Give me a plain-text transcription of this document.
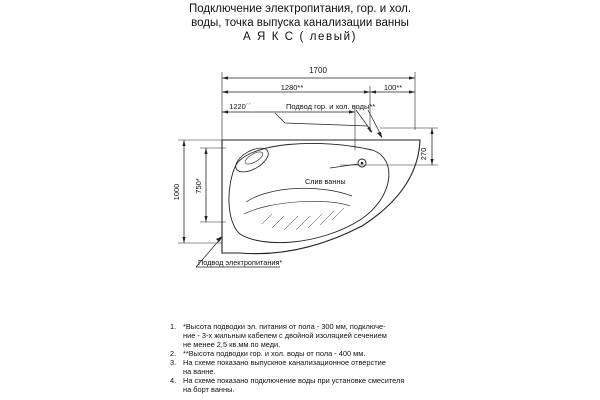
Подключение электропитания, гор. и хол.
воды, точка выпуска канализации ванны
А Я К С ( левый)
1700
1280**	100**
1220´´	Подвод гор. и хол. воды**
270
1000 750*	Слив ванны
Подвод электропитания*
1. *Высота подводки эл. питания от пола - 300 мм, подключе-
ние - 3-х жильным кабелем с двойной изоляцией сечением
не менее 2,5 кв.мм по меди.
2. **Высота подводки гор. и хол. воды от пола - 400 мм.
3. На схеме показано выпускное канализационное отверстие
на ванне.
4. На схеме показано подключение воды при установке смесителя
на борт ванны.
